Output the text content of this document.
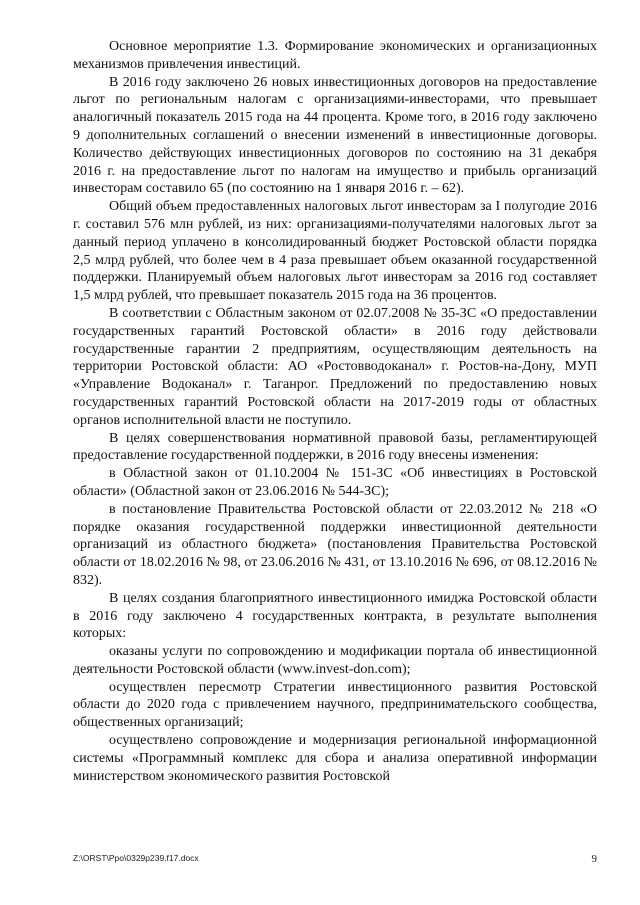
Основное мероприятие 1.3. Формирование экономических и организационных механизмов привлечения инвестиций.

В 2016 году заключено 26 новых инвестиционных договоров на предоставление льгот по региональным налогам с организациями-инвесторами, что превышает аналогичный показатель 2015 года на 44 процента. Кроме того, в 2016 году заключено 9 дополнительных соглашений о внесении изменений в инвестиционные договоры. Количество действующих инвестиционных договоров по состоянию на 31 декабря 2016 г. на предоставление льгот по налогам на имущество и прибыль организаций инвесторам составило 65 (по состоянию на 1 января 2016 г. – 62).

Общий объем предоставленных налоговых льгот инвесторам за I полугодие 2016 г. составил 576 млн рублей, из них: организациями-получателями налоговых льгот за данный период уплачено в консолидированный бюджет Ростовской области порядка 2,5 млрд рублей, что более чем в 4 раза превышает объем оказанной государственной поддержки. Планируемый объем налоговых льгот инвесторам за 2016 год составляет 1,5 млрд рублей, что превышает показатель 2015 года на 36 процентов.

В соответствии с Областным законом от 02.07.2008 № 35-ЗС «О предоставлении государственных гарантий Ростовской области» в 2016 году действовали государственные гарантии 2 предприятиям, осуществляющим деятельность на территории Ростовской области: АО «Ростовводоканал» г. Ростов-на-Дону, МУП «Управление Водоканал» г. Таганрог. Предложений по предоставлению новых государственных гарантий Ростовской области на 2017-2019 годы от областных органов исполнительной власти не поступило.

В целях совершенствования нормативной правовой базы, регламентирующей предоставление государственной поддержки, в 2016 году внесены изменения:

в Областной закон от 01.10.2004 № 151-ЗС «Об инвестициях в Ростовской области» (Областной закон от 23.06.2016 № 544-ЗС);

в постановление Правительства Ростовской области от 22.03.2012 № 218 «О порядке оказания государственной поддержки инвестиционной деятельности организаций из областного бюджета» (постановления Правительства Ростовской области от 18.02.2016 № 98, от 23.06.2016 № 431, от 13.10.2016 № 696, от 08.12.2016 № 832).

В целях создания благоприятного инвестиционного имиджа Ростовской области в 2016 году заключено 4 государственных контракта, в результате выполнения которых:

оказаны услуги по сопровождению и модификации портала об инвестиционной деятельности Ростовской области (www.invest-don.com);

осуществлен пересмотр Стратегии инвестиционного развития Ростовской области до 2020 года с привлечением научного, предпринимательского сообщества, общественных организаций;

осуществлено сопровождение и модернизация региональной информационной системы «Программный комплекс для сбора и анализа оперативной информации министерством экономического развития Ростовской

Z:\ORST\Ppo\0329p239.f17.docx	9
